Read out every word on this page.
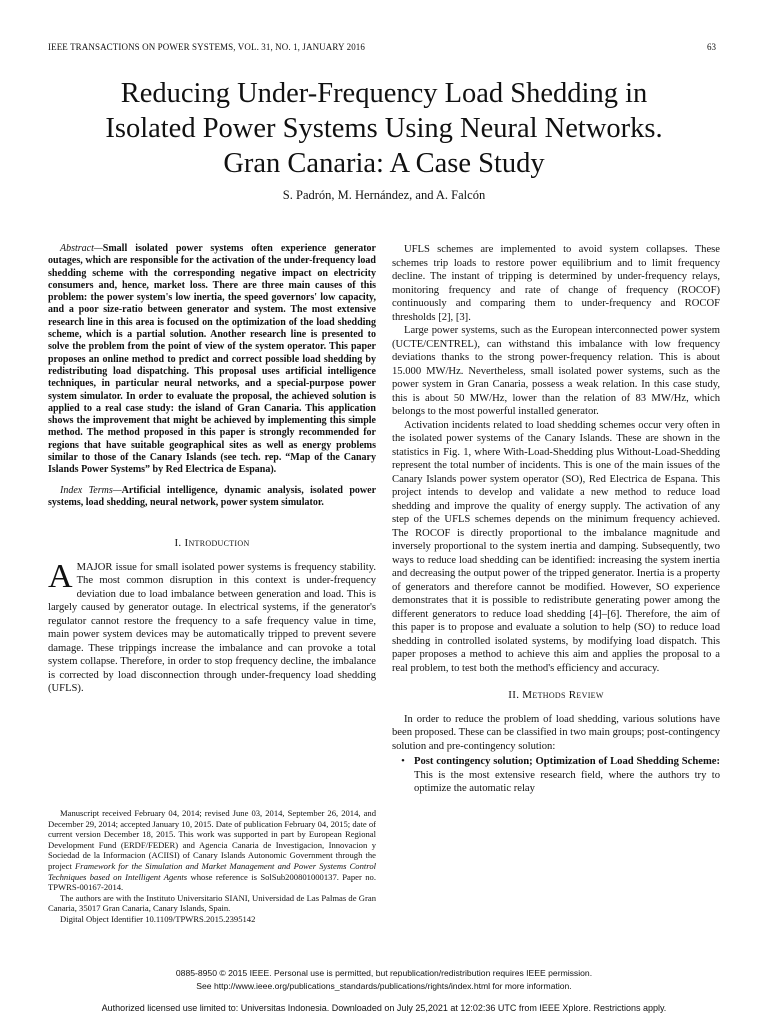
IEEE TRANSACTIONS ON POWER SYSTEMS, VOL. 31, NO. 1, JANUARY 2016	63
Reducing Under-Frequency Load Shedding in
Isolated Power Systems Using Neural Networks.
Gran Canaria: A Case Study
S. Padrón, M. Hernández, and A. Falcón

Abstract—Small isolated power systems often experience generator outages, which are responsible for the activation of the under-frequency load shedding scheme with the corresponding negative impact on electricity consumers and, hence, market loss. There are three main causes of this problem: the power system's low inertia, the speed governors' low capacity, and a poor size-ratio between generator and system. The most extensive research line in this area is focused on the optimization of the load shedding scheme, which is a partial solution. Another research line is presented to solve the problem from the point of view of the system operator. This paper proposes an online method to predict and correct possible load shedding by redistributing load dispatching. This proposal uses artificial intelligence techniques, in particular neural networks, and a special-purpose power system simulator. In order to evaluate the proposal, the achieved solution is applied to a real case study: the island of Gran Canaria. This application shows the improvement that might be achieved by implementing this simple method. The method proposed in this paper is strongly recommended for regions that have suitable geographical sites as well as energy problems similar to those of the Canary Islands (see tech. rep. “Map of the Canary Islands Power Systems” by Red Electrica de Espana).

Index Terms—Artificial intelligence, dynamic analysis, isolated power systems, load shedding, neural network, power system simulator.

I. Introduction

AMAJOR issue for small isolated power systems is frequency stability. The most common disruption in this context is under-frequency deviation due to load imbalance between generation and load. This is largely caused by generator outage. In electrical systems, if the generator's regulator cannot restore the frequency to a safe frequency value in time, main power system devices may be automatically tripped to prevent severe damage. These trippings increase the imbalance and can provoke a total system collapse. Therefore, in order to stop frequency decline, the imbalance is corrected by load disconnection through under-frequency load shedding (UFLS).

Manuscript received February 04, 2014; revised June 03, 2014, September 26, 2014, and December 29, 2014; accepted January 10, 2015. Date of publication February 04, 2015; date of current version December 18, 2015. This work was supported in part by European Regional Development Fund (ERDF/FEDER) and Agencia Canaria de Investigacion, Innovacion y Sociedad de la Informacion (ACIISI) of Canary Islands Autonomic Government through the project Framework for the Simulation and Market Management and Power Systems Control Techniques based on Intelligent Agents whose reference is SolSub200801000137. Paper no. TPWRS-00167-2014.

The authors are with the Instituto Universitario SIANI, Universidad de Las Palmas de Gran Canaria, 35017 Gran Canaria, Canary Islands, Spain.

Digital Object Identifier 10.1109/TPWRS.2015.2395142

UFLS schemes are implemented to avoid system collapses. These schemes trip loads to restore power equilibrium and to limit frequency decline. The instant of tripping is determined by under-frequency relays, monitoring frequency and rate of change of frequency (ROCOF) continuously and comparing them to under-frequency and ROCOF thresholds [2], [3].

Large power systems, such as the European interconnected power system (UCTE/CENTREL), can withstand this imbalance with low frequency deviations thanks to the strong power-frequency relation. This is about 15.000 MW/Hz. Nevertheless, small isolated power systems, such as the power system in Gran Canaria, possess a weak relation. In this case study, this is about 50 MW/Hz, lower than the relation of 83 MW/Hz, which belongs to the most powerful installed generator.

Activation incidents related to load shedding schemes occur very often in the isolated power systems of the Canary Islands. These are shown in the statistics in Fig. 1, where With-Load-Shedding plus Without-Load-Shedding represent the total number of incidents. This is one of the main issues of the Canary Islands power system operator (SO), Red Electrica de Espana. This project intends to develop and validate a new method to reduce load shedding and improve the quality of energy supply. The activation of any step of the UFLS schemes depends on the minimum frequency achieved. The ROCOF is directly proportional to the imbalance magnitude and inversely proportional to the system inertia and damping. Subsequently, two ways to reduce load shedding can be identified: increasing the system inertia and decreasing the output power of the tripped generator. Inertia is a property of generators and therefore cannot be modified. However, SO experience demonstrates that it is possible to redistribute generating power among the different generators to reduce load shedding [4]–[6]. Therefore, the aim of this paper is to propose and evaluate a solution to help (SO) to reduce load shedding in controlled isolated systems, by modifying load dispatch. This paper proposes a method to achieve this aim and applies the proposal to a real problem, to test both the method's efficiency and accuracy.

II. Methods Review

In order to reduce the problem of load shedding, various solutions have been proposed. These can be classified in two main groups; post-contingency solution and pre-contingency solution:

• Post contingency solution; Optimization of Load Shedding Scheme: This is the most extensive research field, where the authors try to optimize the automatic relay
0885-8950 © 2015 IEEE. Personal use is permitted, but republication/redistribution requires IEEE permission.
See http://www.ieee.org/publications_standards/publications/rights/index.html for more information.
Authorized licensed use limited to: Universitas Indonesia. Downloaded on July 25,2021 at 12:02:36 UTC from IEEE Xplore. Restrictions apply.
